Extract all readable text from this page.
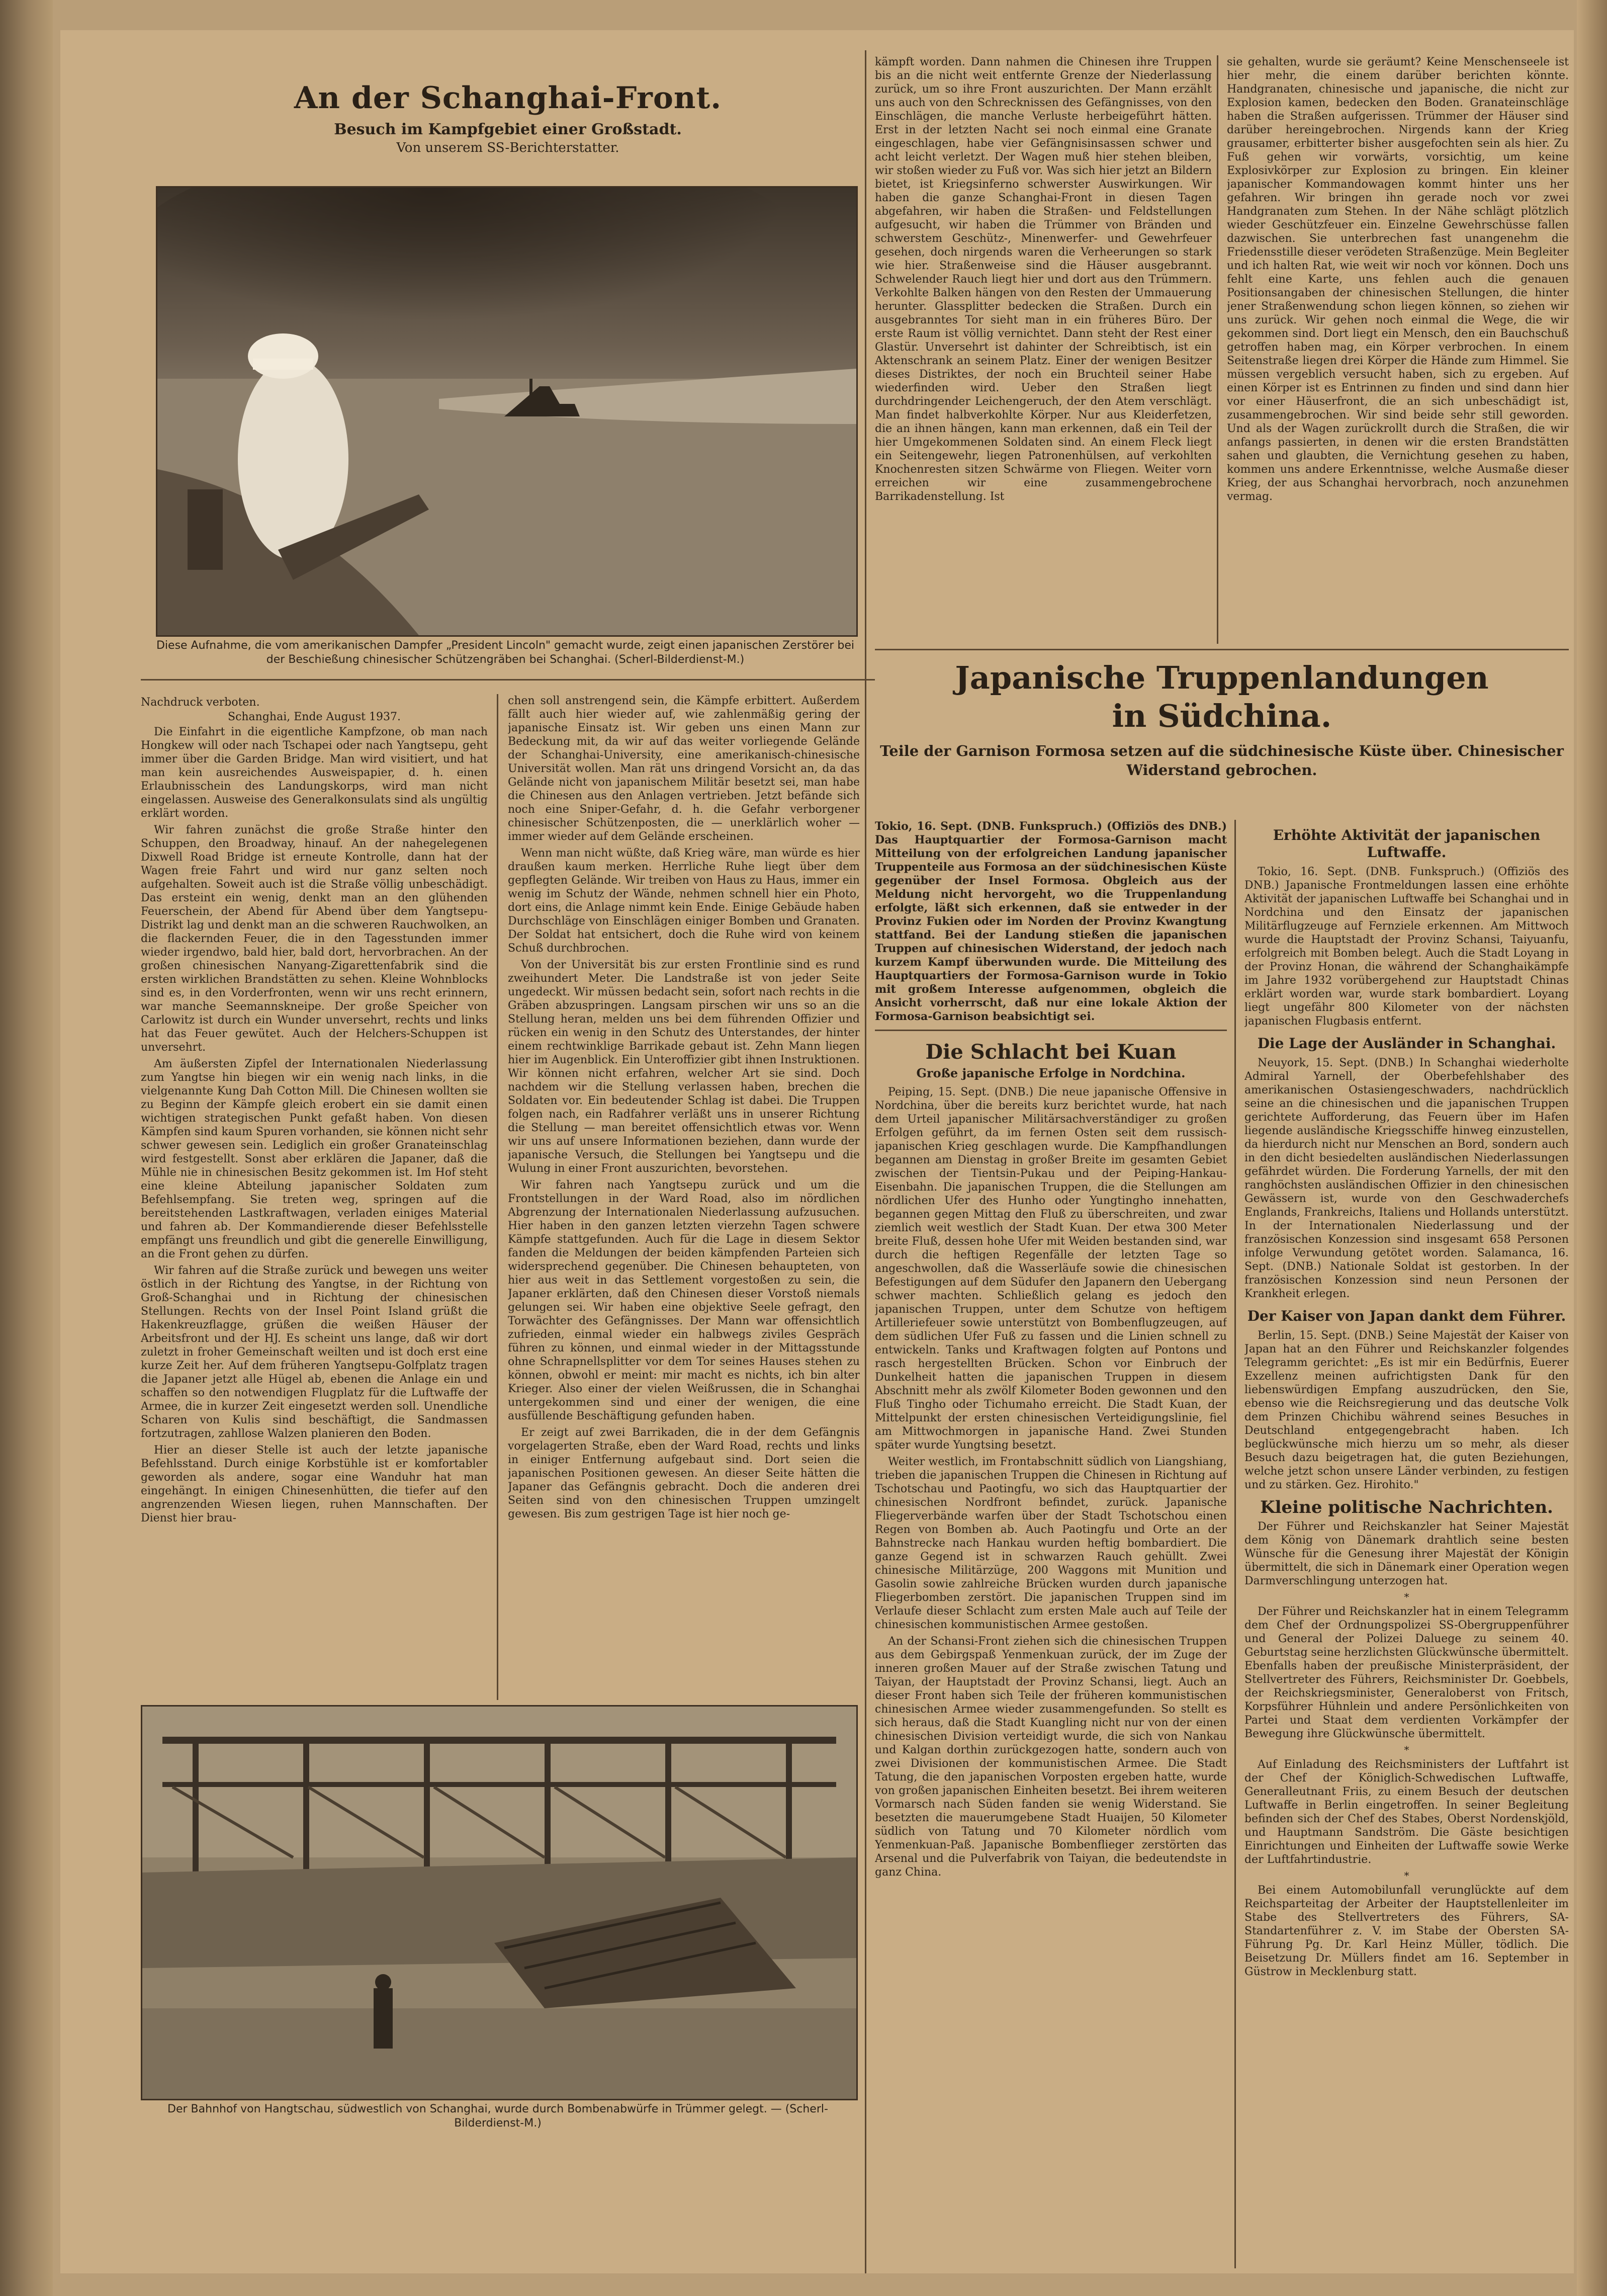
An der Schanghai-Front.
Besuch im Kampfgebiet einer Großstadt.
Von unserem SS-Berichterstatter.
Diese Aufnahme, die vom amerikanischen Dampfer „President Lincoln" gemacht wurde, zeigt einen japanischen Zerstörer bei der Beschießung chinesischer Schützengräben bei Schanghai. (Scherl-Bilderdienst-M.)
Nachdruck verboten.
Schanghai, Ende August 1937.

Die Einfahrt in die eigentliche Kampfzone, ob man nach Hongkew will oder nach Tschapei oder nach Yangtsepu, geht immer über die Garden Bridge. Man wird visitiert, und hat man kein ausreichendes Ausweispapier, d. h. einen Erlaubnisschein des Landungskorps, wird man nicht eingelassen. Ausweise des Generalkonsulats sind als ungültig erklärt worden.

Wir fahren zunächst die große Straße hinter den Schuppen, den Broadway, hinauf. An der nahegelegenen Dixwell Road Bridge ist erneute Kontrolle, dann hat der Wagen freie Fahrt und wird nur ganz selten noch aufgehalten. Soweit auch ist die Straße völlig unbeschädigt. Das ersteint ein wenig, denkt man an den glühenden Feuerschein, der Abend für Abend über dem Yangtsepu-Distrikt lag und denkt man an die schweren Rauchwolken, an die flackernden Feuer, die in den Tagesstunden immer wieder irgendwo, bald hier, bald dort, hervorbrachen. An der großen chinesischen Nanyang-Zigarettenfabrik sind die ersten wirklichen Brandstätten zu sehen. Kleine Wohnblocks sind es, in den Vorderfronten, wenn wir uns recht erinnern, war manche Seemannskneipe. Der große Speicher von Carlowitz ist durch ein Wunder unversehrt, rechts und links hat das Feuer gewütet. Auch der Helchers-Schuppen ist unversehrt.

Am äußersten Zipfel der Internationalen Niederlassung zum Yangtse hin biegen wir ein wenig nach links, in die vielgenannte Kung Dah Cotton Mill. Die Chinesen wollten sie zu Beginn der Kämpfe gleich erobert ein sie damit einen wichtigen strategischen Punkt gefaßt haben. Von diesen Kämpfen sind kaum Spuren vorhanden, sie können nicht sehr schwer gewesen sein. Lediglich ein großer Granateinschlag wird festgestellt. Sonst aber erklären die Japaner, daß die Mühle nie in chinesischen Besitz gekommen ist. Im Hof steht eine kleine Abteilung japanischer Soldaten zum Befehlsempfang. Sie treten weg, springen auf die bereitstehenden Lastkraftwagen, verladen einiges Material und fahren ab. Der Kommandierende dieser Befehlsstelle empfängt uns freundlich und gibt die generelle Einwilligung, an die Front gehen zu dürfen.

Wir fahren auf die Straße zurück und bewegen uns weiter östlich in der Richtung des Yangtse, in der Richtung von Groß-Schanghai und in Richtung der chinesischen Stellungen. Rechts von der Insel Point Island grüßt die Hakenkreuzflagge, grüßen die weißen Häuser der Arbeitsfront und der HJ. Es scheint uns lange, daß wir dort zuletzt in froher Gemeinschaft weilten und ist doch erst eine kurze Zeit her. Auf dem früheren Yangtsepu-Golfplatz tragen die Japaner jetzt alle Hügel ab, ebenen die Anlage ein und schaffen so den notwendigen Flugplatz für die Luftwaffe der Armee, die in kurzer Zeit eingesetzt werden soll. Unendliche Scharen von Kulis sind beschäftigt, die Sandmassen fortzutragen, zahllose Walzen planieren den Boden.

Hier an dieser Stelle ist auch der letzte japanische Befehlsstand. Durch einige Korbstühle ist er komfortabler geworden als andere, sogar eine Wanduhr hat man eingehängt. In einigen Chinesenhütten, die tiefer auf den angrenzenden Wiesen liegen, ruhen Mannschaften. Der Dienst hier brau-

chen soll anstrengend sein, die Kämpfe erbittert. Außerdem fällt auch hier wieder auf, wie zahlenmäßig gering der japanische Einsatz ist. Wir geben uns einen Mann zur Bedeckung mit, da wir auf das weiter vorliegende Gelände der Schanghai-University, eine amerikanisch-chinesische Universität wollen. Man rät uns dringend Vorsicht an, da das Gelände nicht von japanischem Militär besetzt sei, man habe die Chinesen aus den Anlagen vertrieben. Jetzt befände sich noch eine Sniper-Gefahr, d. h. die Gefahr verborgener chinesischer Schützenposten, die — unerklärlich woher — immer wieder auf dem Gelände erscheinen.

Wenn man nicht wüßte, daß Krieg wäre, man würde es hier draußen kaum merken. Herrliche Ruhe liegt über dem gepflegten Gelände. Wir treiben von Haus zu Haus, immer ein wenig im Schutz der Wände, nehmen schnell hier ein Photo, dort eins, die Anlage nimmt kein Ende. Einige Gebäude haben Durchschläge von Einschlägen einiger Bomben und Granaten. Der Soldat hat entsichert, doch die Ruhe wird von keinem Schuß durchbrochen.

Von der Universität bis zur ersten Frontlinie sind es rund zweihundert Meter. Die Landstraße ist von jeder Seite ungedeckt. Wir müssen bedacht sein, sofort nach rechts in die Gräben abzuspringen. Langsam pirschen wir uns so an die Stellung heran, melden uns bei dem führenden Offizier und rücken ein wenig in den Schutz des Unterstandes, der hinter einem rechtwinklige Barrikade gebaut ist. Zehn Mann liegen hier im Augenblick. Ein Unteroffizier gibt ihnen Instruktionen. Wir können nicht erfahren, welcher Art sie sind. Doch nachdem wir die Stellung verlassen haben, brechen die Soldaten vor. Ein bedeutender Schlag ist dabei. Die Truppen folgen nach, ein Radfahrer verläßt uns in unserer Richtung die Stellung — man bereitet offensichtlich etwas vor. Wenn wir uns auf unsere Informationen beziehen, dann wurde der japanische Versuch, die Stellungen bei Yangtsepu und die Wulung in einer Front auszurichten, bevorstehen.

Wir fahren nach Yangtsepu zurück und um die Frontstellungen in der Ward Road, also im nördlichen Abgrenzung der Internationalen Niederlassung aufzusuchen. Hier haben in den ganzen letzten vierzehn Tagen schwere Kämpfe stattgefunden. Auch für die Lage in diesem Sektor fanden die Meldungen der beiden kämpfenden Parteien sich widersprechend gegenüber. Die Chinesen behaupteten, von hier aus weit in das Settlement vorgestoßen zu sein, die Japaner erklärten, daß den Chinesen dieser Vorstoß niemals gelungen sei. Wir haben eine objektive Seele gefragt, den Torwächter des Gefängnisses. Der Mann war offensichtlich zufrieden, einmal wieder ein halbwegs ziviles Gespräch führen zu können, und einmal wieder in der Mittagsstunde ohne Schrapnellsplitter vor dem Tor seines Hauses stehen zu können, obwohl er meint: mir macht es nichts, ich bin alter Krieger. Also einer der vielen Weißrussen, die in Schanghai untergekommen sind und einer der wenigen, die eine ausfüllende Beschäftigung gefunden haben.

Er zeigt auf zwei Barrikaden, die in der dem Gefängnis vorgelagerten Straße, eben der Ward Road, rechts und links in einiger Entfernung aufgebaut sind. Dort seien die japanischen Positionen gewesen. An dieser Seite hätten die Japaner das Gefängnis gebracht. Doch die anderen drei Seiten sind von den chinesischen Truppen umzingelt gewesen. Bis zum gestrigen Tage ist hier noch ge-

Der Bahnhof von Hangtschau, südwestlich von Schanghai, wurde durch Bombenabwürfe in Trümmer gelegt. — (Scherl-Bilderdienst-M.)

kämpft worden. Dann nahmen die Chinesen ihre Truppen bis an die nicht weit entfernte Grenze der Niederlassung zurück, um so ihre Front auszurichten. Der Mann erzählt uns auch von den Schrecknissen des Gefängnisses, von den Einschlägen, die manche Verluste herbeigeführt hätten. Erst in der letzten Nacht sei noch einmal eine Granate eingeschlagen, habe vier Gefängnisinsassen schwer und acht leicht verletzt. Der Wagen muß hier stehen bleiben, wir stoßen wieder zu Fuß vor. Was sich hier jetzt an Bildern bietet, ist Kriegsinferno schwerster Auswirkungen. Wir haben die ganze Schanghai-Front in diesen Tagen abgefahren, wir haben die Straßen- und Feldstellungen aufgesucht, wir haben die Trümmer von Bränden und schwerstem Geschütz-, Minenwerfer- und Gewehrfeuer gesehen, doch nirgends waren die Verheerungen so stark wie hier. Straßenweise sind die Häuser ausgebrannt. Schwelender Rauch liegt hier und dort aus den Trümmern. Verkohlte Balken hängen von den Resten der Ummauerung herunter. Glassplitter bedecken die Straßen. Durch ein ausgebranntes Tor sieht man in ein früheres Büro. Der erste Raum ist völlig vernichtet. Dann steht der Rest einer Glastür. Unversehrt ist dahinter der Schreibtisch, ist ein Aktenschrank an seinem Platz. Einer der wenigen Besitzer dieses Distriktes, der noch ein Bruchteil seiner Habe wiederfinden wird. Ueber den Straßen liegt durchdringender Leichengeruch, der den Atem verschlägt. Man findet halbverkohlte Körper. Nur aus Kleiderfetzen, die an ihnen hängen, kann man erkennen, daß ein Teil der hier Umgekommenen Soldaten sind. An einem Fleck liegt ein Seitengewehr, liegen Patronenhülsen, auf verkohlten Knochenresten sitzen Schwärme von Fliegen. Weiter vorn erreichen wir eine zusammengebrochene Barrikadenstellung. Ist

sie gehalten, wurde sie geräumt? Keine Menschenseele ist hier mehr, die einem darüber berichten könnte. Handgranaten, chinesische und japanische, die nicht zur Explosion kamen, bedecken den Boden. Granateinschläge haben die Straßen aufgerissen. Trümmer der Häuser sind darüber hereingebrochen. Nirgends kann der Krieg grausamer, erbitterter bisher ausgefochten sein als hier. Zu Fuß gehen wir vorwärts, vorsichtig, um keine Explosivkörper zur Explosion zu bringen. Ein kleiner japanischer Kommandowagen kommt hinter uns her gefahren. Wir bringen ihn gerade noch vor zwei Handgranaten zum Stehen. In der Nähe schlägt plötzlich wieder Geschützfeuer ein. Einzelne Gewehrschüsse fallen dazwischen. Sie unterbrechen fast unangenehm die Friedensstille dieser verödeten Straßenzüge. Mein Begleiter und ich halten Rat, wie weit wir noch vor können. Doch uns fehlt eine Karte, uns fehlen auch die genauen Positionsangaben der chinesischen Stellungen, die hinter jener Straßenwendung schon liegen können, so ziehen wir uns zurück. Wir gehen noch einmal die Wege, die wir gekommen sind. Dort liegt ein Mensch, den ein Bauchschuß getroffen haben mag, ein Körper verbrochen. In einem Seitenstraße liegen drei Körper die Hände zum Himmel. Sie müssen vergeblich versucht haben, sich zu ergeben. Auf einen Körper ist es Entrinnen zu finden und sind dann hier vor einer Häuserfront, die an sich unbeschädigt ist, zusammengebrochen. Wir sind beide sehr still geworden. Und als der Wagen zurückrollt durch die Straßen, die wir anfangs passierten, in denen wir die ersten Brandstätten sahen und glaubten, die Vernichtung gesehen zu haben, kommen uns andere Erkenntnisse, welche Ausmaße dieser Krieg, der aus Schanghai hervorbrach, noch anzunehmen vermag.

Japanische Truppenlandungen
in Südchina.
Teile der Garnison Formosa setzen auf die südchinesische Küste über. Chinesischer Widerstand gebrochen.

Tokio, 16. Sept. (DNB. Funkspruch.) (Offiziös des DNB.) Das Hauptquartier der Formosa-Garnison macht Mitteilung von der erfolgreichen Landung japanischer Truppenteile aus Formosa an der südchinesischen Küste gegenüber der Insel Formosa. Obgleich aus der Meldung nicht hervorgeht, wo die Truppenlandung erfolgte, läßt sich erkennen, daß sie entweder in der Provinz Fukien oder im Norden der Provinz Kwangtung stattfand. Bei der Landung stießen die japanischen Truppen auf chinesischen Widerstand, der jedoch nach kurzem Kampf überwunden wurde. Die Mitteilung des Hauptquartiers der Formosa-Garnison wurde in Tokio mit großem Interesse aufgenommen, obgleich die Ansicht vorherrscht, daß nur eine lokale Aktion der Formosa-Garnison beabsichtigt sei.

Die Schlacht bei Kuan
Große japanische Erfolge in Nordchina.

Peiping, 15. Sept. (DNB.) Die neue japanische Offensive in Nordchina, über die bereits kurz berichtet wurde, hat nach dem Urteil japanischer Militärsachverständiger zu großen Erfolgen geführt, da im fernen Osten seit dem russisch-japanischen Krieg geschlagen wurde. Die Kampfhandlungen begannen am Dienstag in großer Breite im gesamten Gebiet zwischen der Tientsin-Pukau und der Peiping-Hankau-Eisenbahn. Die japanischen Truppen, die die Stellungen am nördlichen Ufer des Hunho oder Yungtingho innehatten, begannen gegen Mittag den Fluß zu überschreiten, und zwar ziemlich weit westlich der Stadt Kuan. Der etwa 300 Meter breite Fluß, dessen hohe Ufer mit Weiden bestanden sind, war durch die heftigen Regenfälle der letzten Tage so angeschwollen, daß die Wasserläufe sowie die chinesischen Befestigungen auf dem Südufer den Japanern den Uebergang schwer machten. Schließlich gelang es jedoch den japanischen Truppen, unter dem Schutze von heftigem Artilleriefeuer sowie unterstützt von Bombenflugzeugen, auf dem südlichen Ufer Fuß zu fassen und die Linien schnell zu entwickeln. Tanks und Kraftwagen folgten auf Pontons und rasch hergestellten Brücken. Schon vor Einbruch der Dunkelheit hatten die japanischen Truppen in diesem Abschnitt mehr als zwölf Kilometer Boden gewonnen und den Fluß Tingho oder Tichumaho erreicht. Die Stadt Kuan, der Mittelpunkt der ersten chinesischen Verteidigungslinie, fiel am Mittwochmorgen in japanische Hand. Zwei Stunden später wurde Yungtsing besetzt.

Weiter westlich, im Frontabschnitt südlich von Liangshiang, trieben die japanischen Truppen die Chinesen in Richtung auf Tschotschau und Paotingfu, wo sich das Hauptquartier der chinesischen Nordfront befindet, zurück. Japanische Fliegerverbände warfen über der Stadt Tschotschou einen Regen von Bomben ab. Auch Paotingfu und Orte an der Bahnstrecke nach Hankau wurden heftig bombardiert. Die ganze Gegend ist in schwarzen Rauch gehüllt. Zwei chinesische Militärzüge, 200 Waggons mit Munition und Gasolin sowie zahlreiche Brücken wurden durch japanische Fliegerbomben zerstört. Die japanischen Truppen sind im Verlaufe dieser Schlacht zum ersten Male auch auf Teile der chinesischen kommunistischen Armee gestoßen.

An der Schansi-Front ziehen sich die chinesischen Truppen aus dem Gebirgspaß Yenmenkuan zurück, der im Zuge der inneren großen Mauer auf der Straße zwischen Tatung und Taiyan, der Hauptstadt der Provinz Schansi, liegt. Auch an dieser Front haben sich Teile der früheren kommunistischen chinesischen Armee wieder zusammengefunden. So stellt es sich heraus, daß die Stadt Kuangling nicht nur von der einen chinesischen Division verteidigt wurde, die sich von Nankau und Kalgan dorthin zurückgezogen hatte, sondern auch von zwei Divisionen der kommunistischen Armee. Die Stadt Tatung, die den japanischen Vorposten ergeben hatte, wurde von großen japanischen Einheiten besetzt. Bei ihrem weiteren Vormarsch nach Süden fanden sie wenig Widerstand. Sie besetzten die mauerumgebene Stadt Huaijen, 50 Kilometer südlich von Tatung und 70 Kilometer nördlich vom Yenmenkuan-Paß. Japanische Bombenflieger zerstörten das Arsenal und die Pulverfabrik von Taiyan, die bedeutendste in ganz China.

Erhöhte Aktivität der japanischen Luftwaffe.

Tokio, 16. Sept. (DNB. Funkspruch.) (Offiziös des DNB.) Japanische Frontmeldungen lassen eine erhöhte Aktivität der japanischen Luftwaffe bei Schanghai und in Nordchina und den Einsatz der japanischen Militärflugzeuge auf Fernziele erkennen. Am Mittwoch wurde die Hauptstadt der Provinz Schansi, Taiyuanfu, erfolgreich mit Bomben belegt. Auch die Stadt Loyang in der Provinz Honan, die während der Schanghaikämpfe im Jahre 1932 vorübergehend zur Hauptstadt Chinas erklärt worden war, wurde stark bombardiert. Loyang liegt ungefähr 800 Kilometer von der nächsten japanischen Flugbasis entfernt.

Die Lage der Ausländer in Schanghai.

Neuyork, 15. Sept. (DNB.) In Schanghai wiederholte Admiral Yarnell, der Oberbefehlshaber des amerikanischen Ostasiengeschwaders, nachdrücklich seine an die chinesischen und die japanischen Truppen gerichtete Aufforderung, das Feuern über im Hafen liegende ausländische Kriegsschiffe hinweg einzustellen, da hierdurch nicht nur Menschen an Bord, sondern auch in den dicht besiedelten ausländischen Niederlassungen gefährdet würden. Die Forderung Yarnells, der mit den ranghöchsten ausländischen Offizier in den chinesischen Gewässern ist, wurde von den Geschwaderchefs Englands, Frankreichs, Italiens und Hollands unterstützt. In der Internationalen Niederlassung und der französischen Konzession sind insgesamt 658 Personen infolge Verwundung getötet worden. Salamanca, 16. Sept. (DNB.) Nationale Soldat ist gestorben. In der französischen Konzession sind neun Personen der Krankheit erlegen.

Der Kaiser von Japan dankt dem Führer.

Berlin, 15. Sept. (DNB.) Seine Majestät der Kaiser von Japan hat an den Führer und Reichskanzler folgendes Telegramm gerichtet: „Es ist mir ein Bedürfnis, Euerer Exzellenz meinen aufrichtigsten Dank für den liebenswürdigen Empfang auszudrücken, den Sie, ebenso wie die Reichsregierung und das deutsche Volk dem Prinzen Chichibu während seines Besuches in Deutschland entgegengebracht haben. Ich beglückwünsche mich hierzu um so mehr, als dieser Besuch dazu beigetragen hat, die guten Beziehungen, welche jetzt schon unsere Länder verbinden, zu festigen und zu stärken. Gez. Hirohito."

Kleine politische Nachrichten.

Der Führer und Reichskanzler hat Seiner Majestät dem König von Dänemark drahtlich seine besten Wünsche für die Genesung ihrer Majestät der Königin übermittelt, die sich in Dänemark einer Operation wegen Darmverschlingung unterzogen hat.

*

Der Führer und Reichskanzler hat in einem Telegramm dem Chef der Ordnungspolizei SS-Obergruppenführer und General der Polizei Daluege zu seinem 40. Geburtstag seine herzlichsten Glückwünsche übermittelt. Ebenfalls haben der preußische Ministerpräsident, der Stellvertreter des Führers, Reichsminister Dr. Goebbels, der Reichskriegsminister, Generaloberst von Fritsch, Korpsführer Hühnlein und andere Persönlichkeiten von Partei und Staat dem verdienten Vorkämpfer der Bewegung ihre Glückwünsche übermittelt.

*

Auf Einladung des Reichsministers der Luftfahrt ist der Chef der Königlich-Schwedischen Luftwaffe, Generalleutnant Friis, zu einem Besuch der deutschen Luftwaffe in Berlin eingetroffen. In seiner Begleitung befinden sich der Chef des Stabes, Oberst Nordenskjöld, und Hauptmann Sandström. Die Gäste besichtigen Einrichtungen und Einheiten der Luftwaffe sowie Werke der Luftfahrtindustrie.

*

Bei einem Automobilunfall verunglückte auf dem Reichsparteitag der Arbeiter der Hauptstellenleiter im Stabe des Stellvertreters des Führers, SA-Standartenführer z. V. im Stabe der Obersten SA-Führung Pg. Dr. Karl Heinz Müller, tödlich. Die Beisetzung Dr. Müllers findet am 16. September in Güstrow in Mecklenburg statt.
